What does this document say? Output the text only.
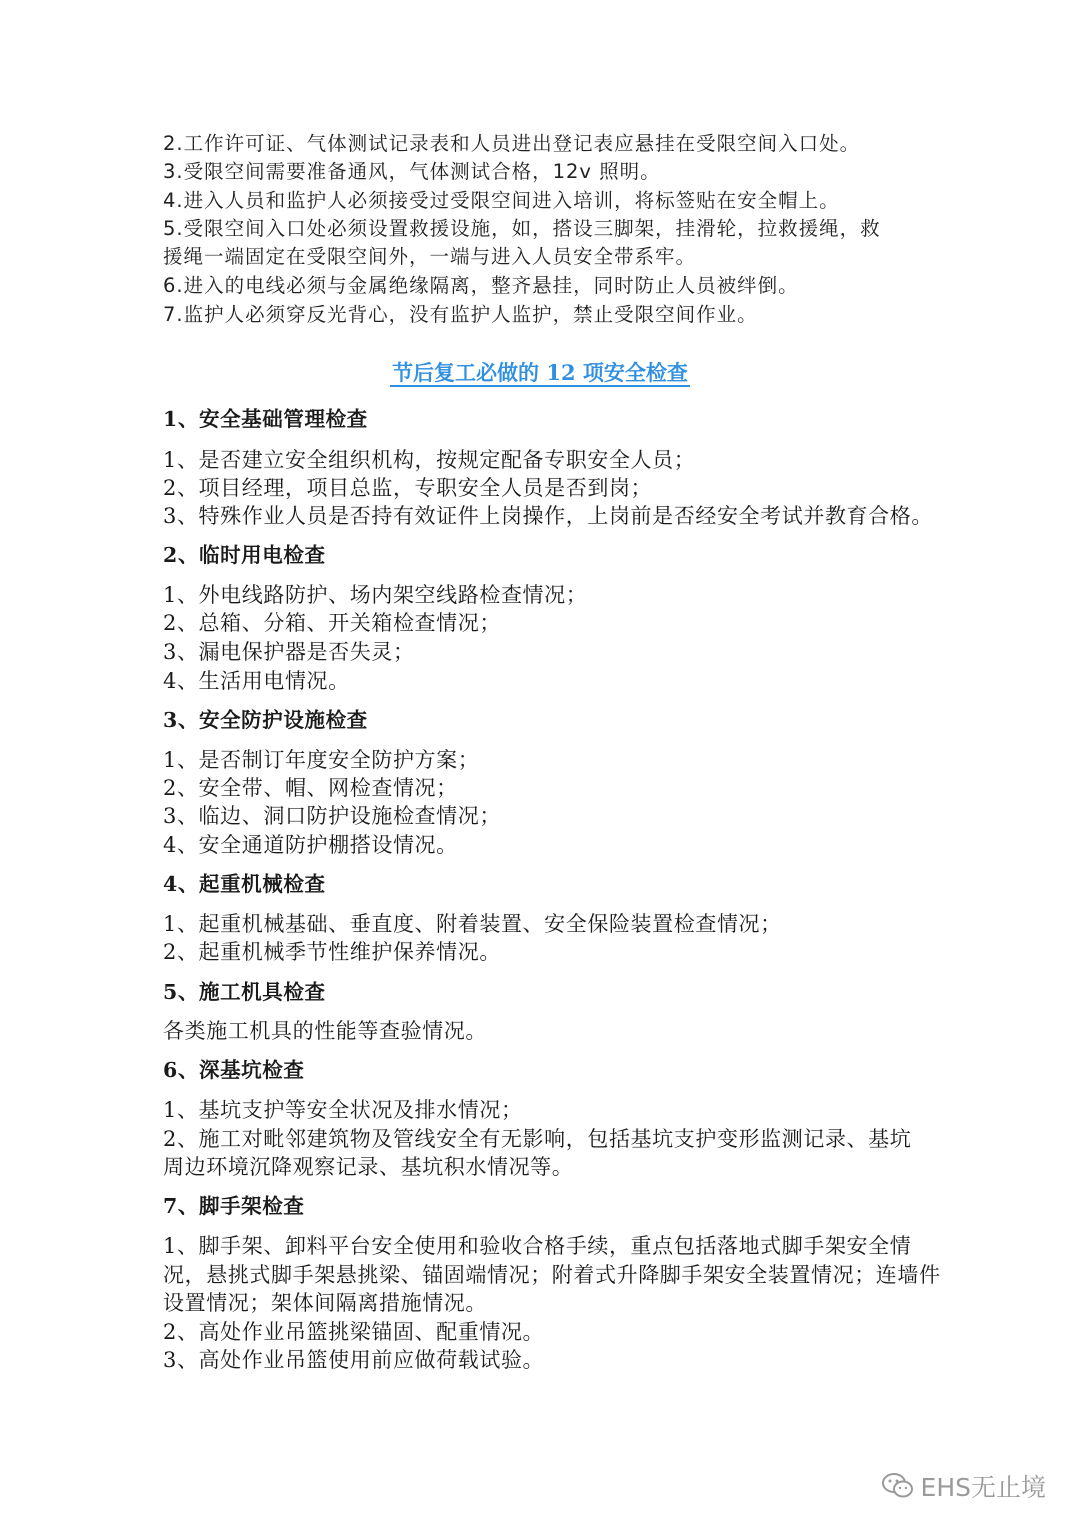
2.工作许可证、气体测试记录表和人员进出登记表应悬挂在受限空间入口处。
3.受限空间需要准备通风，气体测试合格，12v 照明。
4.进入人员和监护人必须接受过受限空间进入培训，将标签贴在安全帽上。
5.受限空间入口处必须设置救援设施，如，搭设三脚架，挂滑轮，拉救援绳，救
援绳一端固定在受限空间外，一端与进入人员安全带系牢。
6.进入的电线必须与金属绝缘隔离，整齐悬挂，同时防止人员被绊倒。
7.监护人必须穿反光背心，没有监护人监护，禁止受限空间作业。
节后复工必做的 12 项安全检查
1、安全基础管理检查
1、是否建立安全组织机构，按规定配备专职安全人员；
2、项目经理，项目总监，专职安全人员是否到岗；
3、特殊作业人员是否持有效证件上岗操作，上岗前是否经安全考试并教育合格。
2、临时用电检查
1、外电线路防护、场内架空线路检查情况；
2、总箱、分箱、开关箱检查情况；
3、漏电保护器是否失灵；
4、生活用电情况。
3、安全防护设施检查
1、是否制订年度安全防护方案；
2、安全带、帽、网检查情况；
3、临边、洞口防护设施检查情况；
4、安全通道防护棚搭设情况。
4、起重机械检查
1、起重机械基础、垂直度、附着装置、安全保险装置检查情况；
2、起重机械季节性维护保养情况。
5、施工机具检查
各类施工机具的性能等查验情况。
6、深基坑检查
1、基坑支护等安全状况及排水情况；
2、施工对毗邻建筑物及管线安全有无影响，包括基坑支护变形监测记录、基坑
周边环境沉降观察记录、基坑积水情况等。
7、脚手架检查
1、脚手架、卸料平台安全使用和验收合格手续，重点包括落地式脚手架安全情
况，悬挑式脚手架悬挑梁、锚固端情况；附着式升降脚手架安全装置情况；连墙件
设置情况；架体间隔离措施情况。
2、高处作业吊篮挑梁锚固、配重情况。
3、高处作业吊篮使用前应做荷载试验。
EHS无止境
